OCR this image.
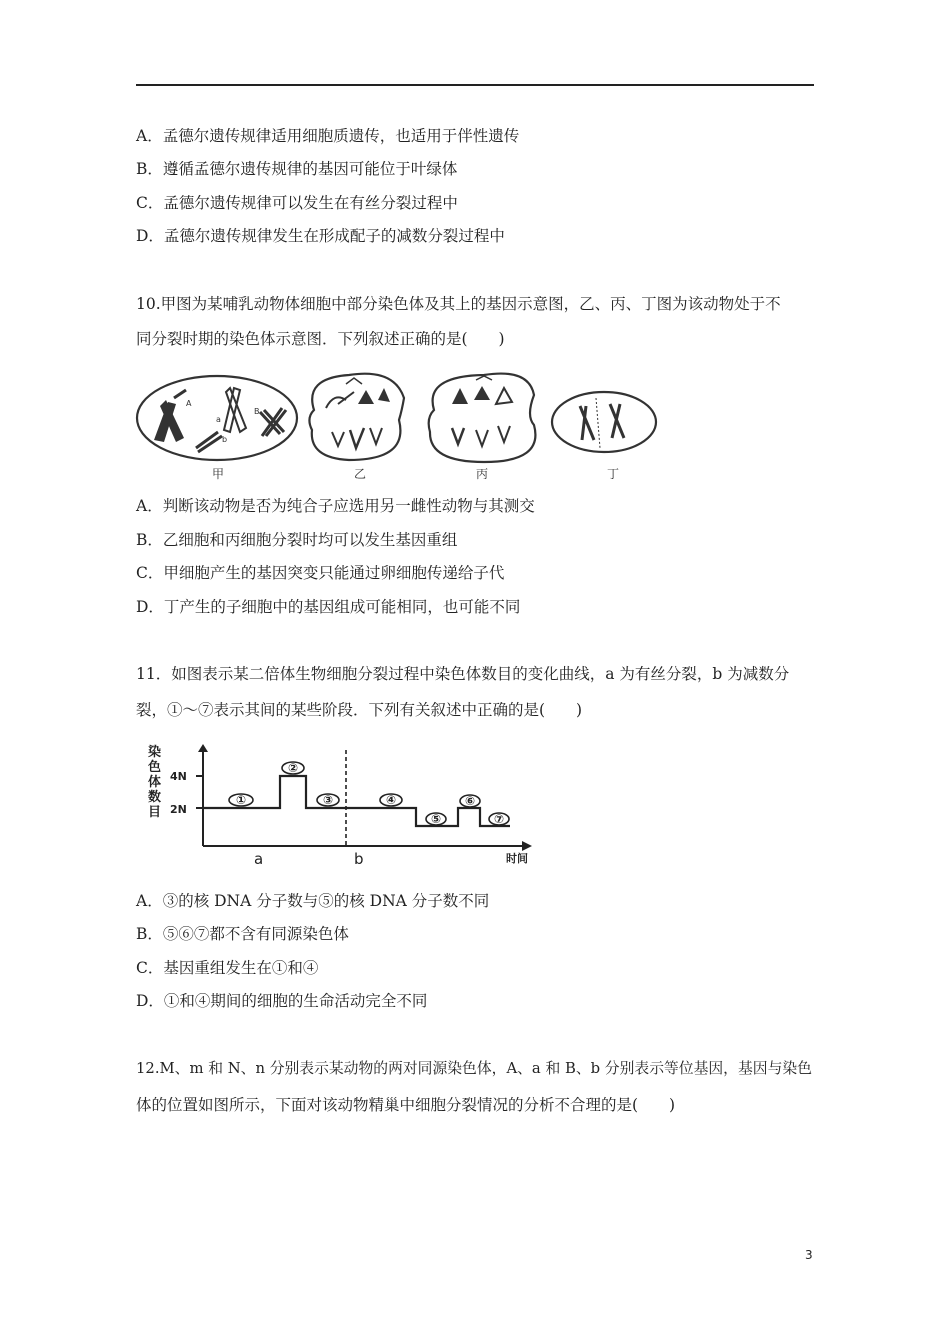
A．孟德尔遗传规律适用细胞质遗传，也适用于伴性遗传
B．遵循孟德尔遗传规律的基因可能位于叶绿体
C．孟德尔遗传规律可以发生在有丝分裂过程中
D．孟德尔遗传规律发生在形成配子的减数分裂过程中
10.甲图为某哺乳动物体细胞中部分染色体及其上的基因示意图，乙、丙、丁图为该动物处于不
同分裂时期的染色体示意图．下列叙述正确的是(　　)
A
a
B
b
甲	乙	丙	丁
A．判断该动物是否为纯合子应选用另一雌性动物与其测交
B．乙细胞和丙细胞分裂时均可以发生基因重组
C．甲细胞产生的基因突变只能通过卵细胞传递给子代
D．丁产生的子细胞中的基因组成可能相同，也可能不同
11．如图表示某二倍体生物细胞分裂过程中染色体数目的变化曲线，a 为有丝分裂，b 为减数分
裂，①～⑦表示其间的某些阶段．下列有关叙述中正确的是(　　)
染
色
体
数
目
4N
2N
①
②
③	④
⑤
⑥
⑦
a	b	时间
A．③的核 DNA 分子数与⑤的核 DNA 分子数不同
B．⑤⑥⑦都不含有同源染色体
C．基因重组发生在①和④
D．①和④期间的细胞的生命活动完全不同
12.M、m 和 N、n 分别表示某动物的两对同源染色体，A、a 和 B、b 分别表示等位基因，基因与染色
体的位置如图所示，下面对该动物精巢中细胞分裂情况的分析不合理的是(　　)
3
